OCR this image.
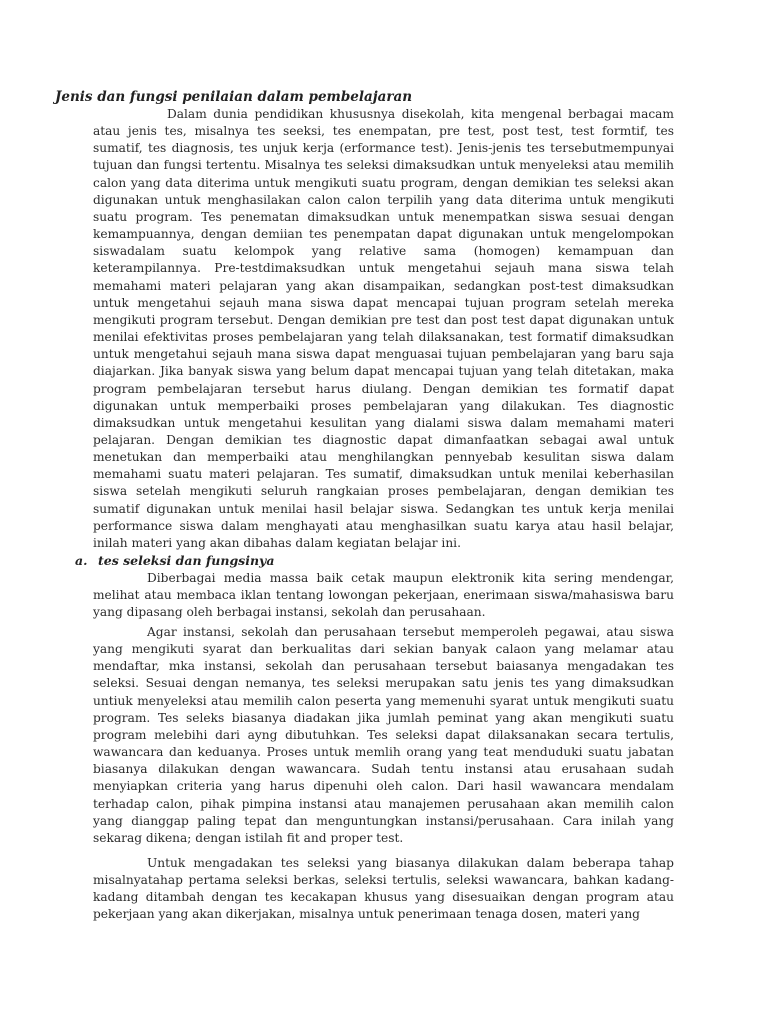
Jenis dan fungsi penilaian dalam pembelajaran

Dalam dunia pendidikan khususnya disekolah, kita mengenal berbagai macam atau jenis tes, misalnya tes seeksi, tes enempatan, pre test, post test, test formtif, tes sumatif, tes diagnosis, tes unjuk kerja (erformance test). Jenis-jenis tes tersebutmempunyai tujuan dan fungsi tertentu. Misalnya tes seleksi dimaksudkan untuk menyeleksi atau memilih calon yang data diterima untuk mengikuti suatu program, dengan demikian tes seleksi akan digunakan untuk menghasilakan calon calon terpilih yang data diterima untuk mengikuti suatu program. Tes penematan dimaksudkan untuk menempatkan siswa sesuai dengan kemampuannya, dengan demiian tes penempatan dapat digunakan untuk mengelompokan siswadalam suatu kelompok yang relative sama (homogen) kemampuan dan keterampilannya. Pre-testdimaksudkan untuk mengetahui sejauh mana siswa telah memahami materi pelajaran yang akan disampaikan, sedangkan post-test dimaksudkan untuk mengetahui sejauh mana siswa dapat mencapai tujuan program setelah mereka mengikuti program tersebut. Dengan demikian pre test dan post test dapat digunakan untuk menilai efektivitas proses pembelajaran yang telah dilaksanakan, test formatif dimaksudkan untuk mengetahui sejauh mana siswa dapat menguasai tujuan pembelajaran yang baru saja diajarkan. Jika banyak siswa yang belum dapat mencapai tujuan yang telah ditetakan, maka program pembelajaran tersebut harus diulang. Dengan demikian tes formatif dapat digunakan untuk memperbaiki proses pembelajaran yang dilakukan. Tes diagnostic dimaksudkan untuk mengetahui kesulitan yang dialami siswa dalam memahami materi pelajaran. Dengan demikian tes diagnostic dapat dimanfaatkan sebagai awal untuk menetukan dan memperbaiki atau menghilangkan pennyebab kesulitan siswa dalam memahami suatu materi pelajaran. Tes sumatif, dimaksudkan untuk menilai keberhasilan siswa setelah mengikuti seluruh rangkaian proses pembelajaran, dengan demikian tes sumatif digunakan untuk menilai hasil belajar siswa. Sedangkan tes untuk kerja menilai performance siswa dalam menghayati atau menghasilkan suatu karya atau hasil belajar, inilah materi yang akan dibahas dalam kegiatan belajar ini.

a. tes seleksi dan fungsinya

Diberbagai media massa baik cetak maupun elektronik kita sering mendengar, melihat atau membaca iklan tentang lowongan pekerjaan, enerimaan siswa/mahasiswa baru yang dipasang oleh berbagai instansi, sekolah dan perusahaan.

Agar instansi, sekolah dan perusahaan tersebut memperoleh pegawai, atau siswa yang mengikuti syarat dan berkualitas dari sekian banyak calaon yang melamar atau mendaftar, mka instansi, sekolah dan perusahaan tersebut baiasanya mengadakan tes seleksi. Sesuai dengan nemanya, tes seleksi merupakan satu jenis tes yang dimaksudkan untiuk menyeleksi atau memilih calon peserta yang memenuhi syarat untuk mengikuti suatu program. Tes seleks biasanya diadakan jika jumlah peminat yang akan mengikuti suatu program melebihi dari ayng dibutuhkan. Tes seleksi dapat dilaksanakan secara tertulis, wawancara dan keduanya. Proses untuk memlih orang yang teat menduduki suatu jabatan biasanya dilakukan dengan wawancara. Sudah tentu instansi atau erusahaan sudah menyiapkan criteria yang harus dipenuhi oleh calon. Dari hasil wawancara mendalam terhadap calon, pihak pimpina instansi atau manajemen perusahaan akan memilih calon yang dianggap paling tepat dan menguntungkan instansi/perusahaan. Cara inilah yang sekarag dikena; dengan istilah fit and proper test.

Untuk mengadakan tes seleksi yang biasanya dilakukan dalam beberapa tahap misalnyatahap pertama seleksi berkas, seleksi tertulis, seleksi wawancara, bahkan kadang-kadang ditambah dengan tes kecakapan khusus yang disesuaikan dengan program atau pekerjaan yang akan dikerjakan, misalnya untuk penerimaan tenaga dosen, materi yang
